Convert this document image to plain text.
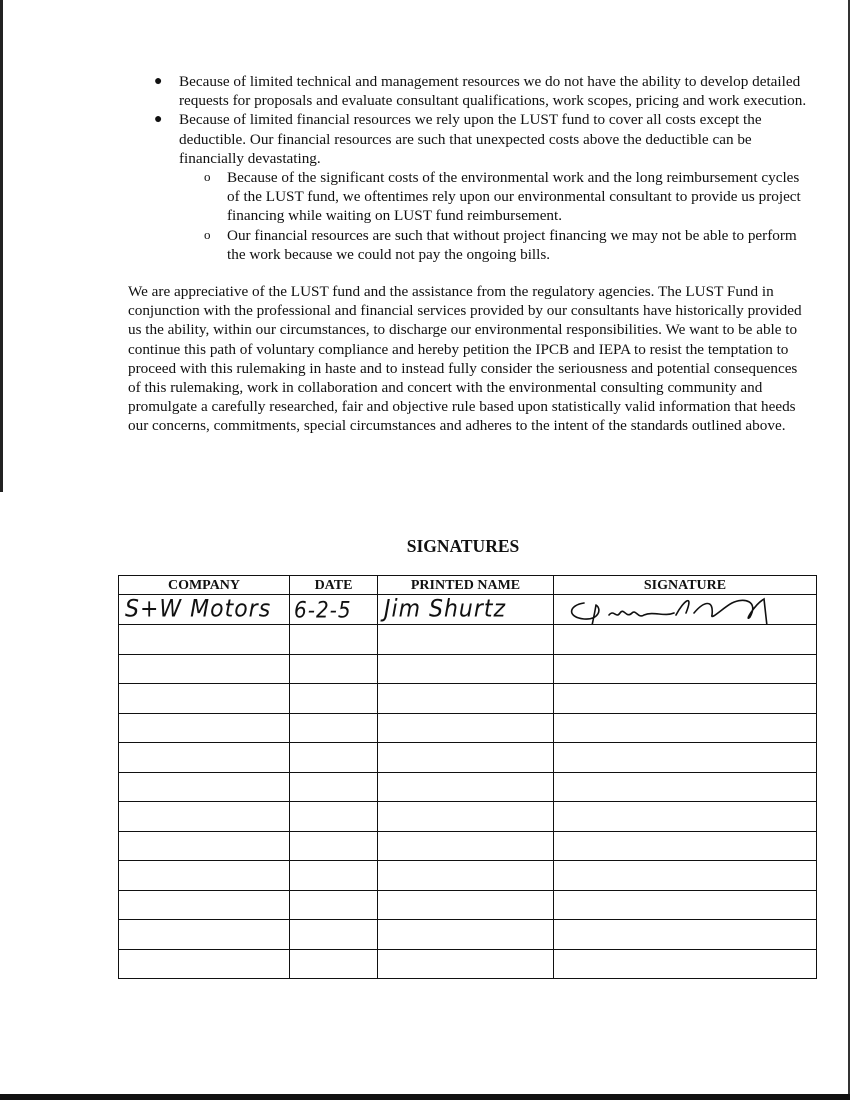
● Because of limited technical and management resources we do not have the ability to develop detailed requests for proposals and evaluate consultant qualifications, work scopes, pricing and work execution.
● Because of limited financial resources we rely upon the LUST fund to cover all costs except the deductible. Our financial resources are such that unexpected costs above the deductible can be financially devastating.
o Because of the significant costs of the environmental work and the long reimbursement cycles of the LUST fund, we oftentimes rely upon our environmental consultant to provide us project financing while waiting on LUST fund reimbursement.
o Our financial resources are such that without project financing we may not be able to perform the work because we could not pay the ongoing bills.

We are appreciative of the LUST fund and the assistance from the regulatory agencies. The LUST Fund in conjunction with the professional and financial services provided by our consultants have historically provided us the ability, within our circumstances, to discharge our environmental responsibilities. We want to be able to continue this path of voluntary compliance and hereby petition the IPCB and IEPA to resist the temptation to proceed with this rulemaking in haste and to instead fully consider the seriousness and potential consequences of this rulemaking, work in collaboration and concert with the environmental consulting community and promulgate a carefully researched, fair and objective rule based upon statistically valid information that heeds our concerns, commitments, special circumstances and adheres to the intent of the standards outlined above.

SIGNATURES
COMPANY	DATE	PRINTED NAME	SIGNATURE

S+W Motors	6-2-5	Jim Shurtz
